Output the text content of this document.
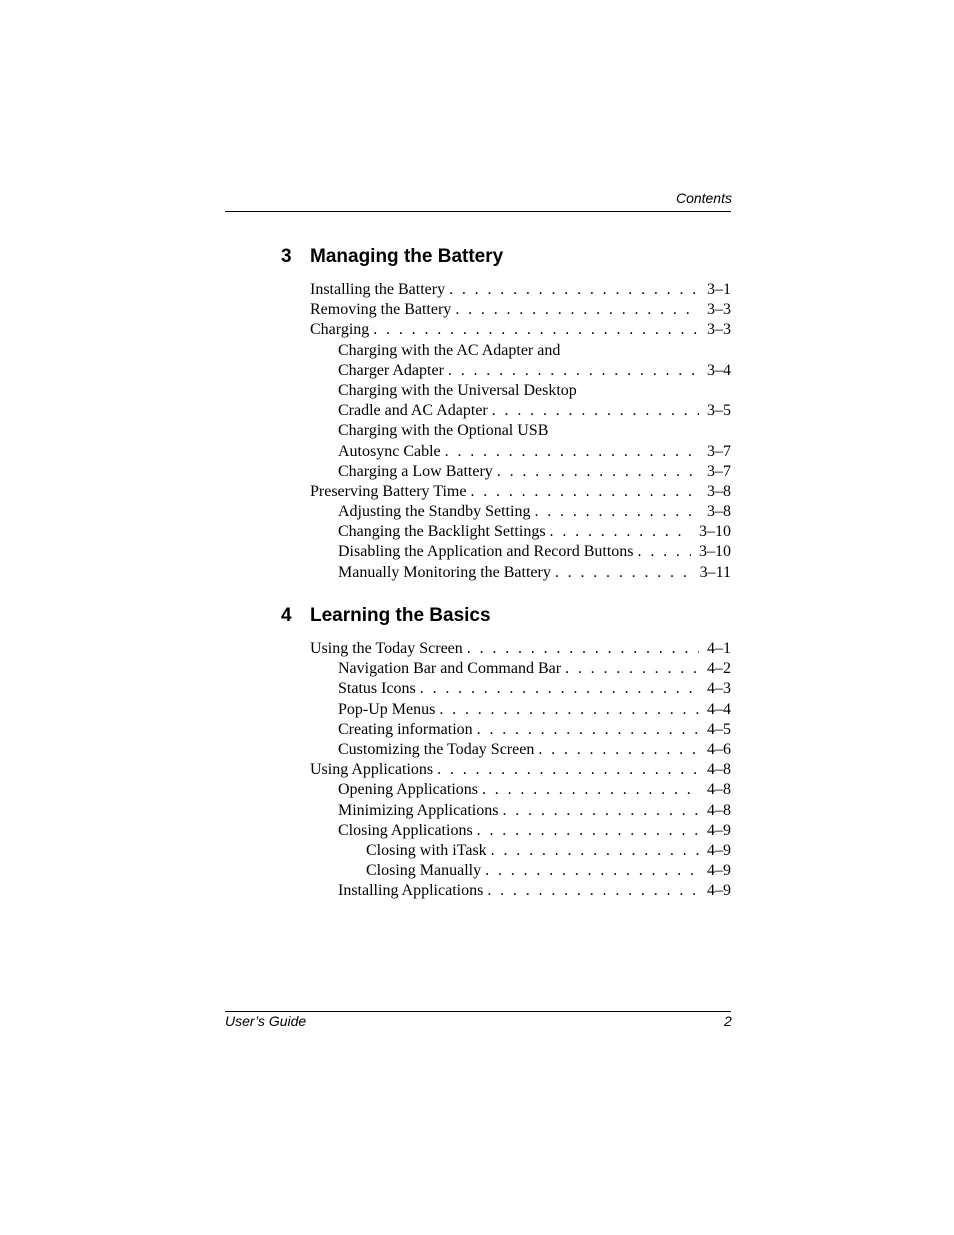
Contents
3 Managing the Battery
Installing the Battery . . .	3–1
Removing the Battery . . .	3–3
Charging . . .	3–3
Charging with the AC Adapter and
Charger Adapter . . .	3–4
Charging with the Universal Desktop
Cradle and AC Adapter . . .	3–5
Charging with the Optional USB
Autosync Cable . . .	3–7
Charging a Low Battery . . .	3–7
Preserving Battery Time . . .	3–8
Adjusting the Standby Setting . . .	3–8
Changing the Backlight Settings . . .	3–10
Disabling the Application and Record Buttons . . .	3–10
Manually Monitoring the Battery . . .	3–11
4 Learning the Basics
Using the Today Screen . . .	4–1
Navigation Bar and Command Bar . . .	4–2
Status Icons . . .	4–3
Pop-Up Menus . . .	4–4
Creating information . . .	4–5
Customizing the Today Screen . . .	4–6
Using Applications . . .	4–8
Opening Applications . . .	4–8
Minimizing Applications . . .	4–8
Closing Applications . . .	4–9
Closing with iTask . . .	4–9
Closing Manually . . .	4–9
Installing Applications . . .	4–9
User’s Guide	2
